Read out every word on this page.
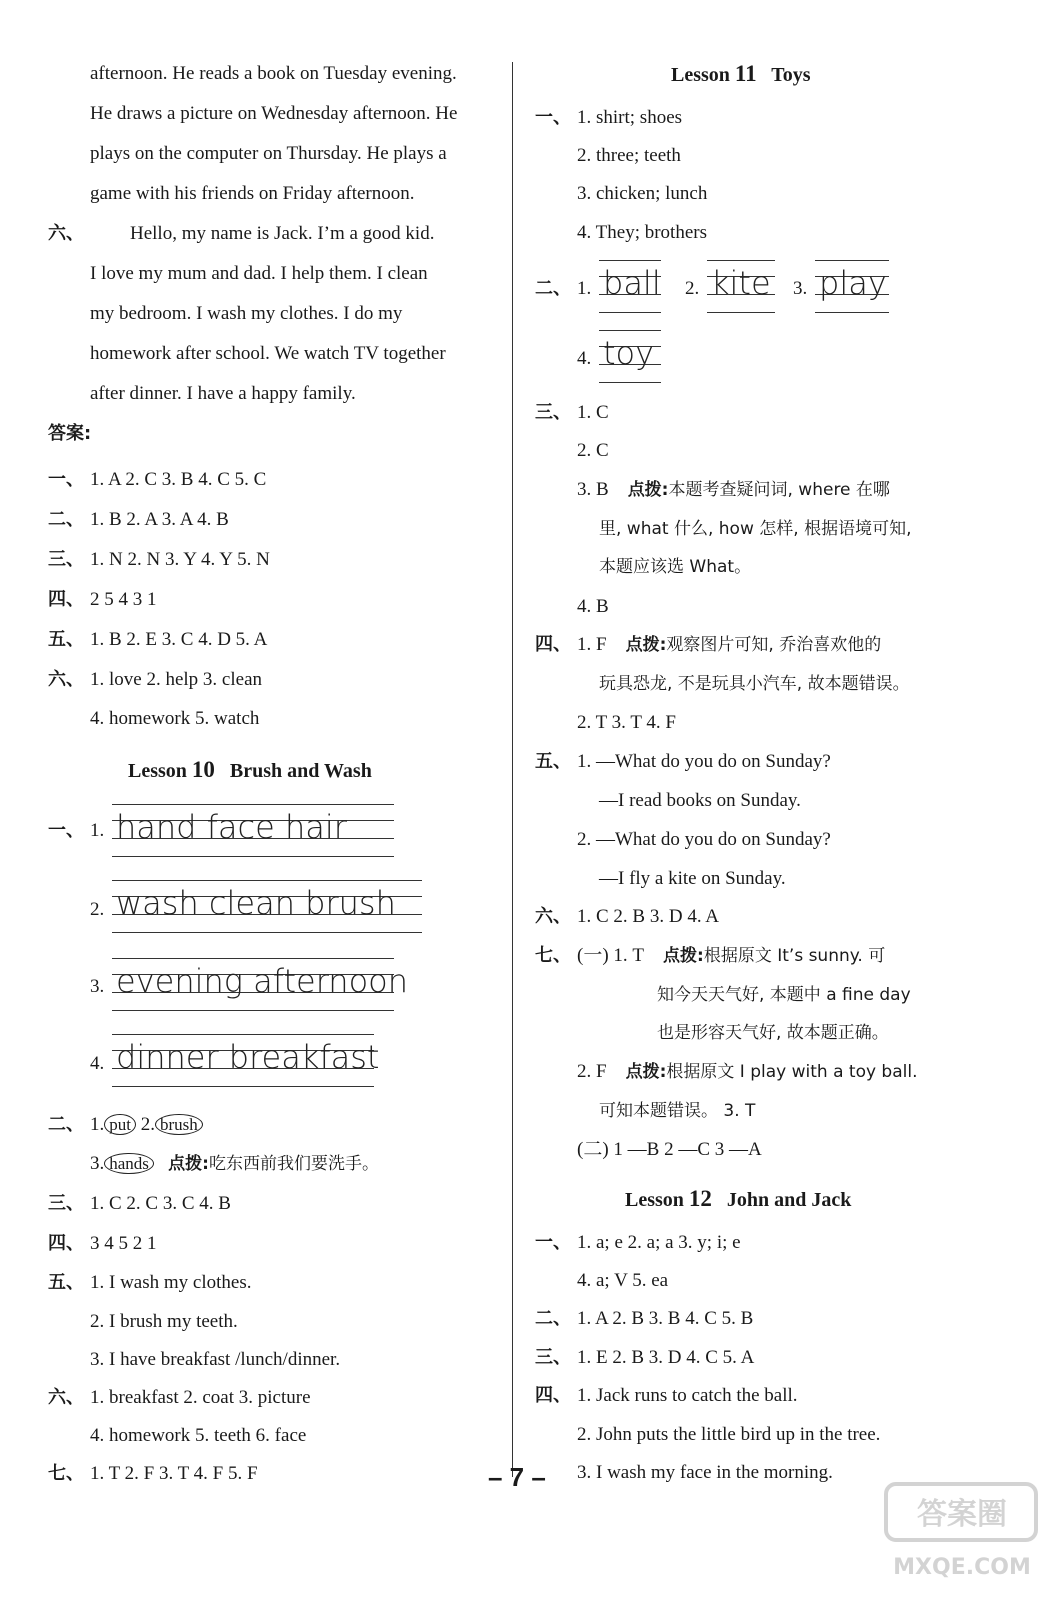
afternoon. He reads a book on Tuesday evening.
He draws a picture on Wednesday afternoon. He
plays on the computer on Thursday. He plays a
game with his friends on Friday afternoon.
六、 Hello, my name is Jack. I’m a good kid.
I love my mum and dad. I help them. I clean
my bedroom. I wash my clothes. I do my
homework after school. We watch TV together
after dinner. I have a happy family.
答案:
一、 1. A 2. C 3. B 4. C 5. C
二、 1. B 2. A 3. A 4. B
三、 1. N 2. N 3. Y 4. Y 5. N
四、 2 5 4 3 1
五、 1. B 2. E 3. C 4. D 5. A
六、 1. love 2. help 3. clean
4. homework 5. watch
Lesson 10 Brush and Wash
一、 1. hand face hair
2. wash clean brush
3. evening afternoon
4. dinner breakfast
二、 1. put 2. brush
3. hands 点拨:吃东西前我们要洗手。
三、 1. C 2. C 3. C 4. B
四、 3 4 5 2 1
五、 1. I wash my clothes.
2. I brush my teeth.
3. I have breakfast /lunch/dinner.
六、 1. breakfast 2. coat 3. picture
4. homework 5. teeth 6. face
七、 1. T 2. F 3. T 4. F 5. F
Lesson 11 Toys
一、 1. shirt; shoes
2. three; teeth
3. chicken; lunch
4. They; brothers
二、 1. ball 2. kite 3. play
4. toy
三、 1. C
2. C
3. B 点拨:本题考查疑问词, where 在哪
里, what 什么, how 怎样, 根据语境可知,
本题应该选 What。
4. B
四、 1. F 点拨:观察图片可知, 乔治喜欢他的
玩具恐龙, 不是玩具小汽车, 故本题错误。
2. T 3. T 4. F
五、 1. —What do you do on Sunday?
—I read books on Sunday.
2. —What do you do on Sunday?
—I fly a kite on Sunday.
六、 1. C 2. B 3. D 4. A
七、 (一) 1. T 点拨:根据原文 It’s sunny. 可
知今天天气好, 本题中 a fine day
也是形容天气好, 故本题正确。
2. F 点拨:根据原文 I play with a toy ball.
可知本题错误。 3. T
(二) 1 —B 2 —C 3 —A
Lesson 12 John and Jack
一、 1. a; e 2. a; a 3. y; i; e
4. a; V 5. ea
二、 1. A 2. B 3. B 4. C 5. B
三、 1. E 2. B 3. D 4. C 5. A
四、 1. Jack runs to catch the ball.
2. John puts the little bird up in the tree.
3. I wash my face in the morning.
– 7 –
答案圈
MXQE.COM
